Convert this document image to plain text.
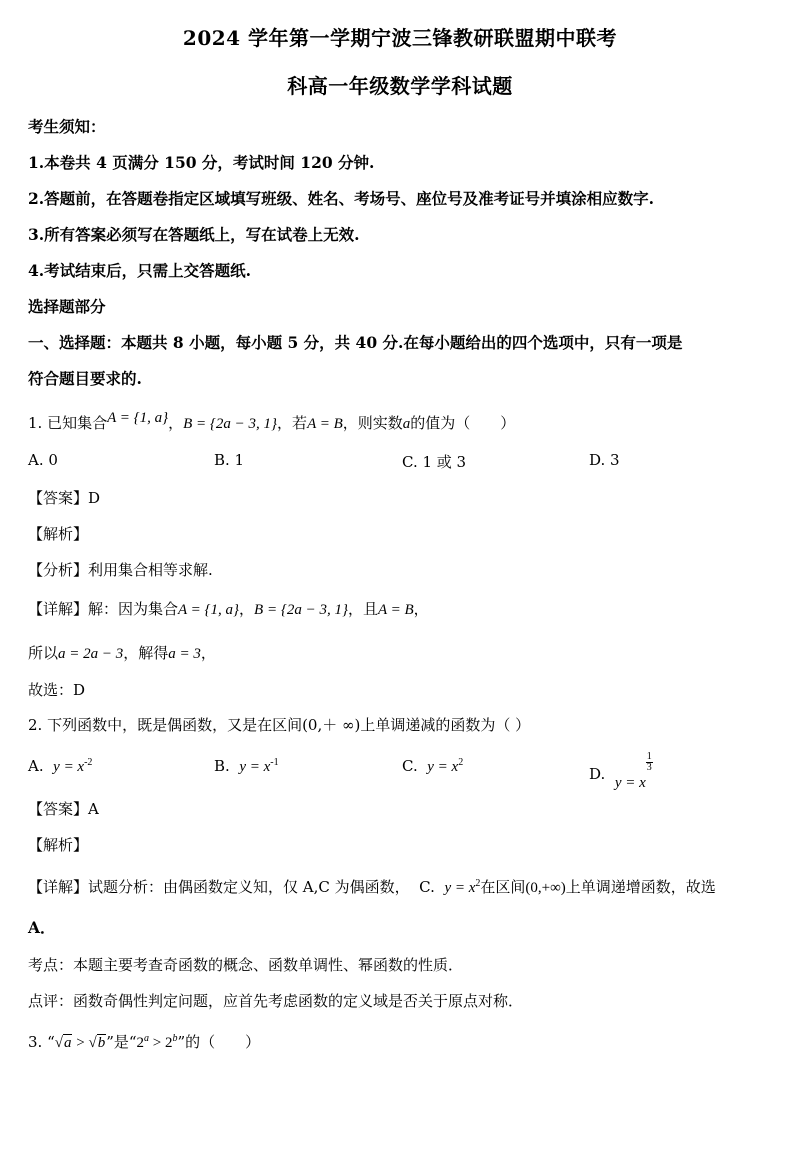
2024 学年第一学期宁波三锋教研联盟期中联考
科高一年级数学学科试题
考生须知：
1.本卷共 4 页满分 150 分，考试时间 120 分钟.
2.答题前，在答题卷指定区域填写班级、姓名、考场号、座位号及准考证号并填涂相应数字.
3.所有答案必须写在答题纸上，写在试卷上无效.
4.考试结束后，只需上交答题纸.
选择题部分
一、选择题：本题共 8 小题，每小题 5 分，共 40 分.在每小题给出的四个选项中，只有一项是
符合题目要求的.
1. 已知集合A = {1, a}，B = {2a − 3, 1}，若A = B，则实数a的值为（　　）
A. 0	B. 1	C. 1 或 3	D. 3
【答案】D
【解析】
【分析】利用集合相等求解.
【详解】解：因为集合A = {1, a}，B = {2a − 3, 1}，且A = B，
所以a = 2a − 3，解得a = 3，
故选：D
2. 下列函数中，既是偶函数，又是在区间(0,＋ ∞)上单调递减的函数为（ ）
A. $y = x^{-2}$	B. $y = x^{-1}$	C. $y = x^2$
D. y = x
$\frac{1}{3}$
【答案】A
【解析】
【详解】试题分析：由偶函数定义知，仅 A,C 为偶函数， C. $y = x^2$在区间(0,+∞)上单调递增函数，故选
A．
考点：本题主要考查奇函数的概念、函数单调性、幂函数的性质．
点评：函数奇偶性判定问题，应首先考虑函数的定义域是否关于原点对称．
3. “√a > √b”是“$2^a > 2^b$”的（　　）
